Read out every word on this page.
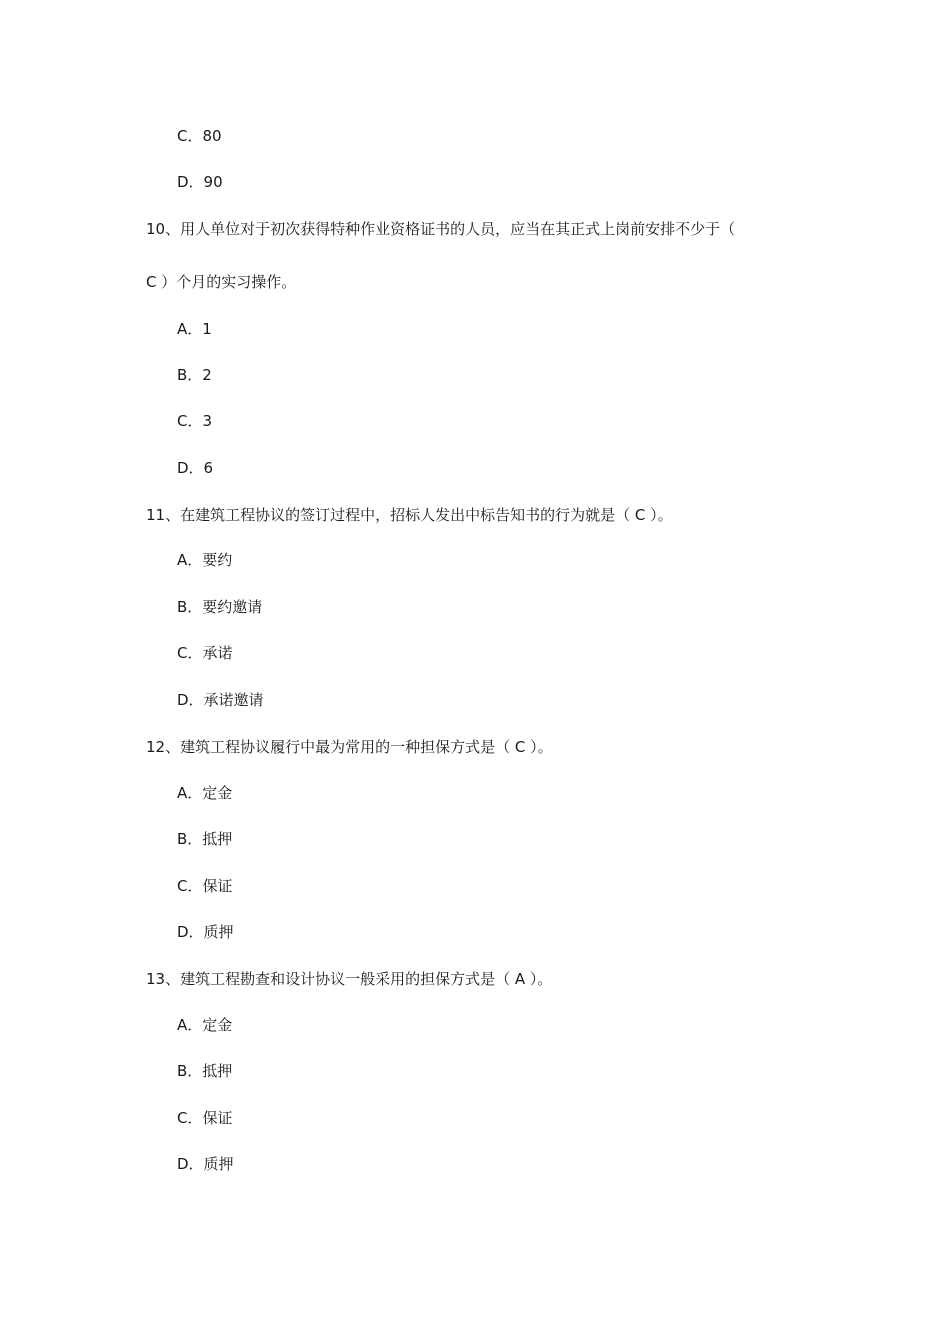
C．80
D．90
10、用人单位对于初次获得特种作业资格证书的人员，应当在其正式上岗前安排不少于（
C ）个月的实习操作。
A．1
B．2
C．3
D．6
11、在建筑工程协议的签订过程中，招标人发出中标告知书的行为就是（ C ）。
A．要约
B．要约邀请
C．承诺
D．承诺邀请
12、建筑工程协议履行中最为常用的一种担保方式是（ C ）。
A．定金
B．抵押
C．保证
D．质押
13、建筑工程勘查和设计协议一般采用的担保方式是（ A ）。
A．定金
B．抵押
C．保证
D．质押
